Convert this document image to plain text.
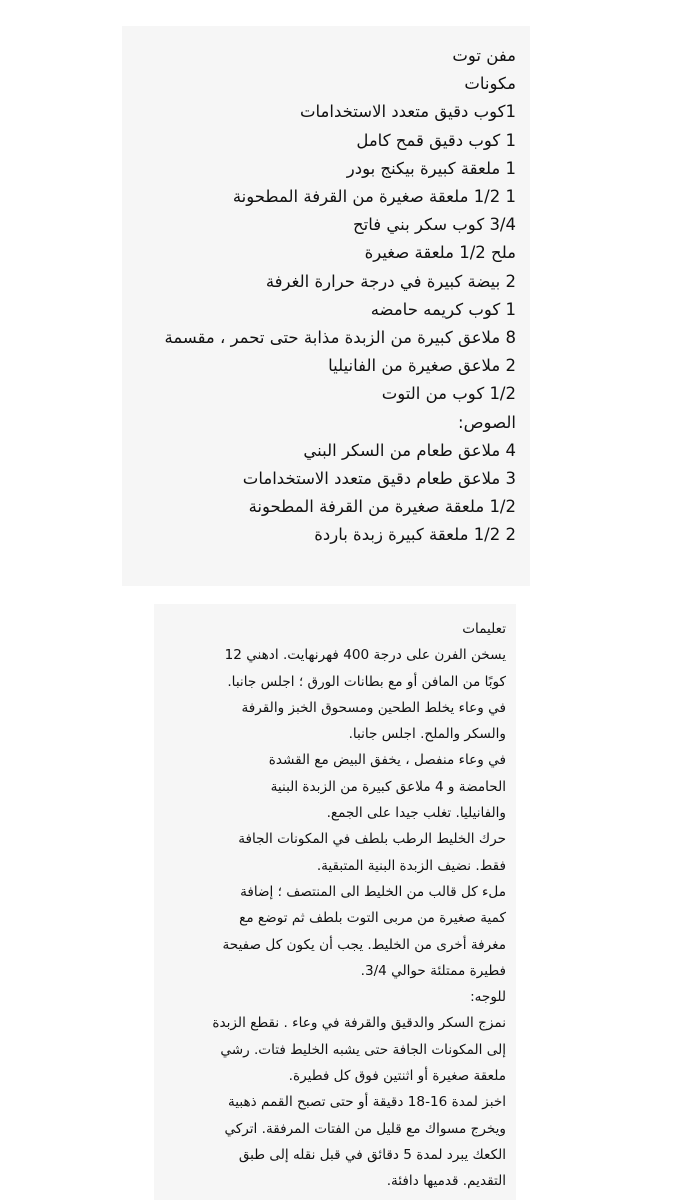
مفن توت
مكونات
1كوب دقيق متعدد الاستخدامات
1 كوب دقيق قمح كامل
1 ملعقة كبيرة بيكنج بودر
1 1/2 ملعقة صغيرة من القرفة المطحونة
3/4 كوب سكر بني فاتح
ملح 1/2 ملعقة صغيرة
2 بيضة كبيرة في درجة حرارة الغرفة
1 كوب كريمه حامضه
8 ملاعق كبيرة من الزبدة مذابة حتى تحمر ، مقسمة
2 ملاعق صغيرة من الفانيليا
1/2 كوب من التوت
الصوص:
4 ملاعق طعام من السكر البني
3 ملاعق طعام دقيق متعدد الاستخدامات
1/2 ملعقة صغيرة من القرفة المطحونة
2 1/2 ملعقة كبيرة زبدة باردة
تعليمات
يسخن الفرن على درجة 400 فهرنهايت. ادهني 12
كوبًا من المافن أو مع بطانات الورق ؛ اجلس جانبا.
في وعاء يخلط الطحين ومسحوق الخبز والقرفة
والسكر والملح. اجلس جانبا.
في وعاء منفصل ، يخفق البيض مع القشدة
الحامضة و 4 ملاعق كبيرة من الزبدة البنية
والفانيليا. تغلب جيدا على الجمع.
حرك الخليط الرطب بلطف في المكونات الجافة
فقط. نضيف الزبدة البنية المتبقية.
ملء كل قالب من الخليط الى المنتصف ؛ إضافة
كمية صغيرة من مربى التوت بلطف ثم توضع مع
مغرفة أخرى من الخليط. يجب أن يكون كل صفيحة
فطيرة ممتلئة حوالي 3/4.
للوجه:
نمزج السكر والدقيق والقرفة في وعاء . نقطع الزبدة
إلى المكونات الجافة حتى يشبه الخليط فتات. رشي
ملعقة صغيرة أو اثنتين فوق كل فطيرة.
اخبز لمدة 16-18 دقيقة أو حتى تصبح القمم ذهبية
ويخرج مسواك مع قليل من الفتات المرفقة. اتركي
الكعك يبرد لمدة 5 دقائق في قبل نقله إلى طبق
التقديم. قدميها دافئة.
